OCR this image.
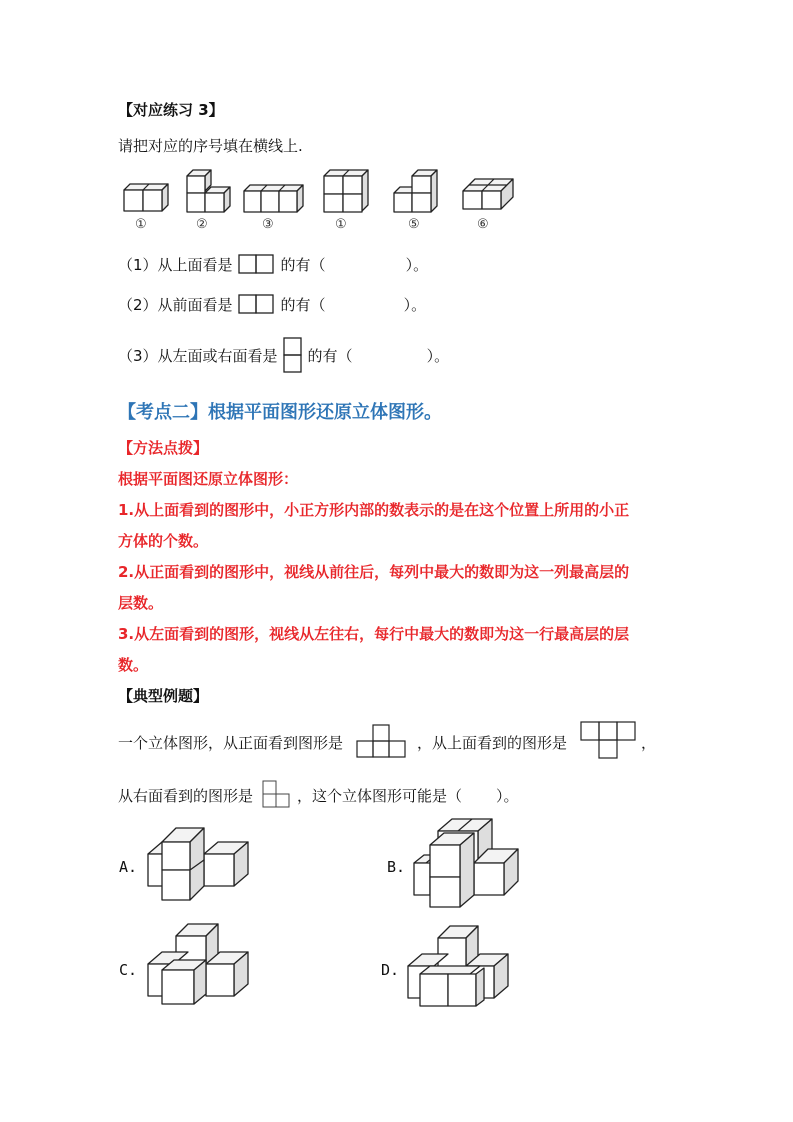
【对应练习 3】
请把对应的序号填在横线上.
①	②	③	①	⑤	⑥
（1）从上面看是	的有（	）。
（2）从前面看是	的有（	）。
（3）从左面或右面看是 的有（	）。
【考点二】根据平面图形还原立体图形。
【方法点拨】
根据平面图还原立体图形：
1.从上面看到的图形中，小正方形内部的数表示的是在这个位置上所用的小正
方体的个数。
2.从正面看到的图形中，视线从前往后，每列中最大的数即为这一列最高层的
层数。
3.从左面看到的图形，视线从左往右，每行中最大的数即为这一行最高层的层
数。
【典型例题】
一个立体图形，从正面看到图形是	，从上面看到的图形是	，
从右面看到的图形是	，这个立体图形可能是（ ）。
A.	B.
C.	D.
